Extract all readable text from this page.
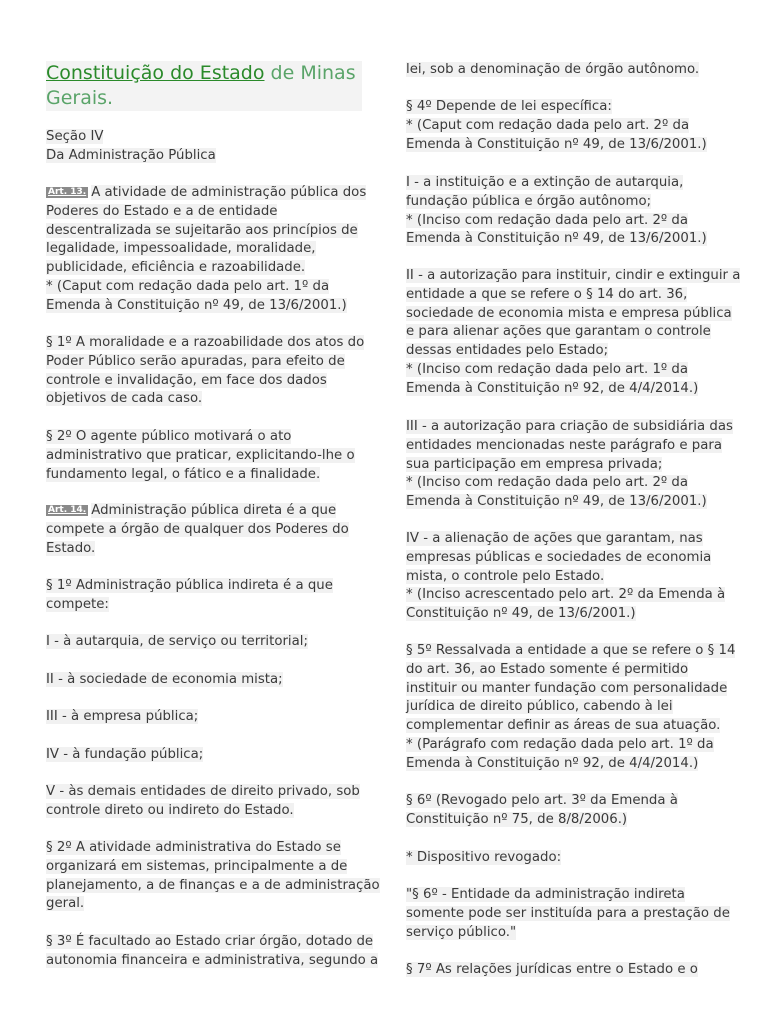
Constituição do Estado de Minas
Gerais.
Seção IV
Da Administração Pública
Art. 13. A atividade de administração pública dos
Poderes do Estado e a de entidade
descentralizada se sujeitarão aos princípios de
legalidade, impessoalidade, moralidade,
publicidade, eficiência e razoabilidade.
* (Caput com redação dada pelo art. 1º da
Emenda à Constituição nº 49, de 13/6/2001.)
§ 1º A moralidade e a razoabilidade dos atos do
Poder Público serão apuradas, para efeito de
controle e invalidação, em face dos dados
objetivos de cada caso.
§ 2º O agente público motivará o ato
administrativo que praticar, explicitando-lhe o
fundamento legal, o fático e a finalidade.
Art. 14. Administração pública direta é a que
compete a órgão de qualquer dos Poderes do
Estado.
§ 1º Administração pública indireta é a que
compete:
I - à autarquia, de serviço ou territorial;
II - à sociedade de economia mista;
III - à empresa pública;
IV - à fundação pública;
V - às demais entidades de direito privado, sob
controle direto ou indireto do Estado.
§ 2º A atividade administrativa do Estado se
organizará em sistemas, principalmente a de
planejamento, a de finanças e a de administração
geral.
§ 3º É facultado ao Estado criar órgão, dotado de
autonomia financeira e administrativa, segundo a
lei, sob a denominação de órgão autônomo.
§ 4º Depende de lei específica:
* (Caput com redação dada pelo art. 2º da
Emenda à Constituição nº 49, de 13/6/2001.)
I - a instituição e a extinção de autarquia,
fundação pública e órgão autônomo;
* (Inciso com redação dada pelo art. 2º da
Emenda à Constituição nº 49, de 13/6/2001.)
II - a autorização para instituir, cindir e extinguir a
entidade a que se refere o § 14 do art. 36,
sociedade de economia mista e empresa pública
e para alienar ações que garantam o controle
dessas entidades pelo Estado;
* (Inciso com redação dada pelo art. 1º da
Emenda à Constituição nº 92, de 4/4/2014.)
III - a autorização para criação de subsidiária das
entidades mencionadas neste parágrafo e para
sua participação em empresa privada;
* (Inciso com redação dada pelo art. 2º da
Emenda à Constituição nº 49, de 13/6/2001.)
IV - a alienação de ações que garantam, nas
empresas públicas e sociedades de economia
mista, o controle pelo Estado.
* (Inciso acrescentado pelo art. 2º da Emenda à
Constituição nº 49, de 13/6/2001.)
§ 5º Ressalvada a entidade a que se refere o § 14
do art. 36, ao Estado somente é permitido
instituir ou manter fundação com personalidade
jurídica de direito público, cabendo à lei
complementar definir as áreas de sua atuação.
* (Parágrafo com redação dada pelo art. 1º da
Emenda à Constituição nº 92, de 4/4/2014.)
§ 6º (Revogado pelo art. 3º da Emenda à
Constituição nº 75, de 8/8/2006.)
* Dispositivo revogado:
"§ 6º - Entidade da administração indireta
somente pode ser instituída para a prestação de
serviço público."
§ 7º As relações jurídicas entre o Estado e o
